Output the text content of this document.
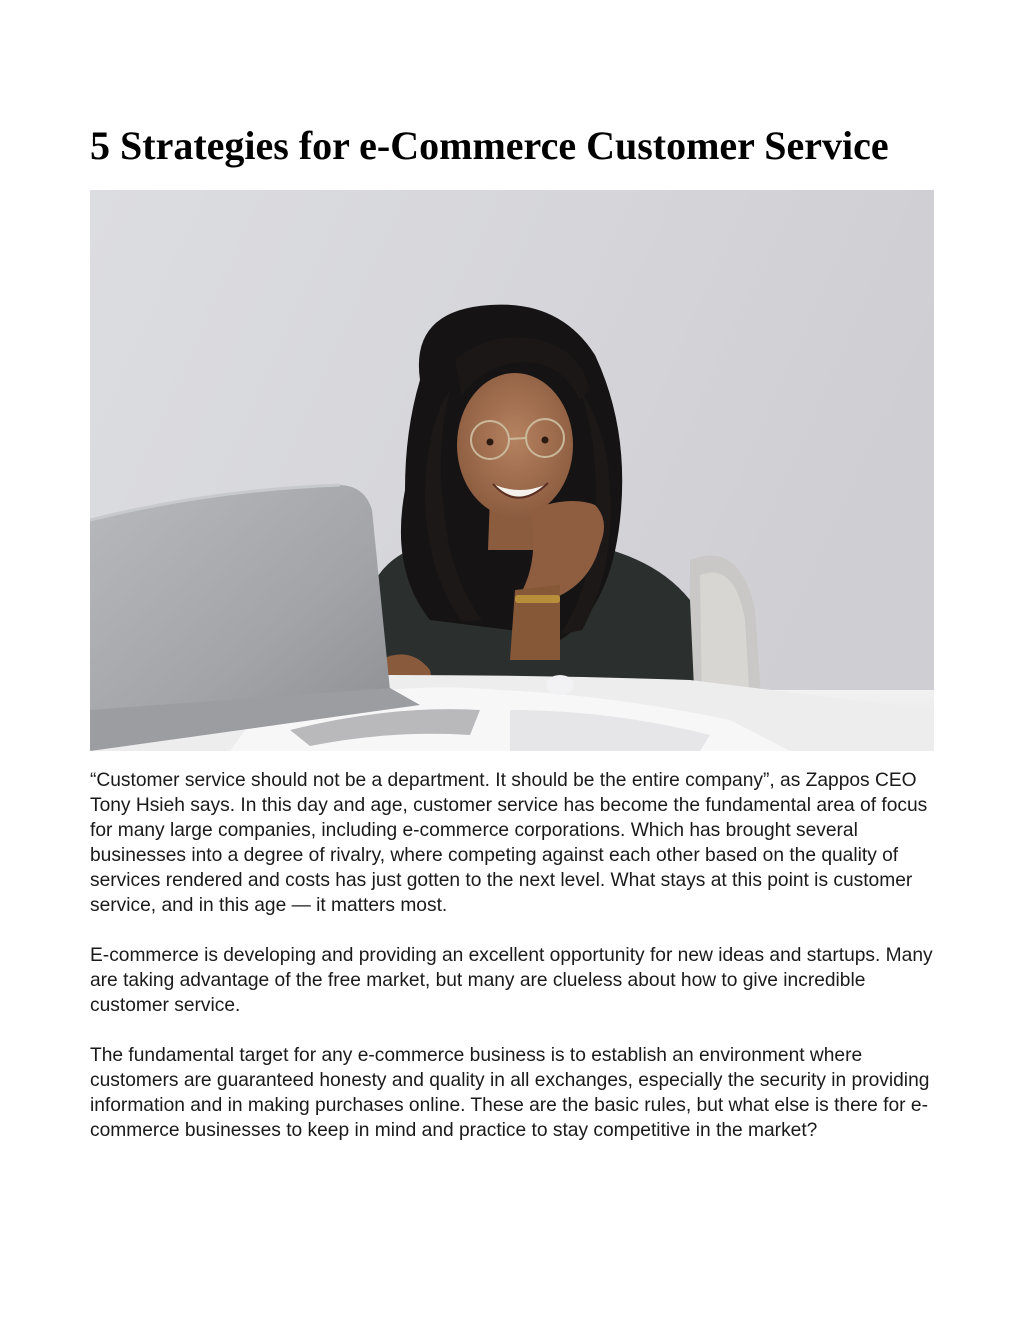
5 Strategies for e-Commerce Customer Service

“Customer service should not be a department. It should be the entire company”, as Zappos CEO Tony Hsieh says. In this day and age, customer service has become the fundamental area of focus for many large companies, including e-commerce corporations. Which has brought several businesses into a degree of rivalry, where competing against each other based on the quality of services rendered and costs has just gotten to the next level. What stays at this point is customer service, and in this age — it matters most.

E-commerce is developing and providing an excellent opportunity for new ideas and startups. Many are taking advantage of the free market, but many are clueless about how to give incredible customer service.

The fundamental target for any e-commerce business is to establish an environment where customers are guaranteed honesty and quality in all exchanges, especially the security in providing information and in making purchases online. These are the basic rules, but what else is there for e-commerce businesses to keep in mind and practice to stay competitive in the market?
